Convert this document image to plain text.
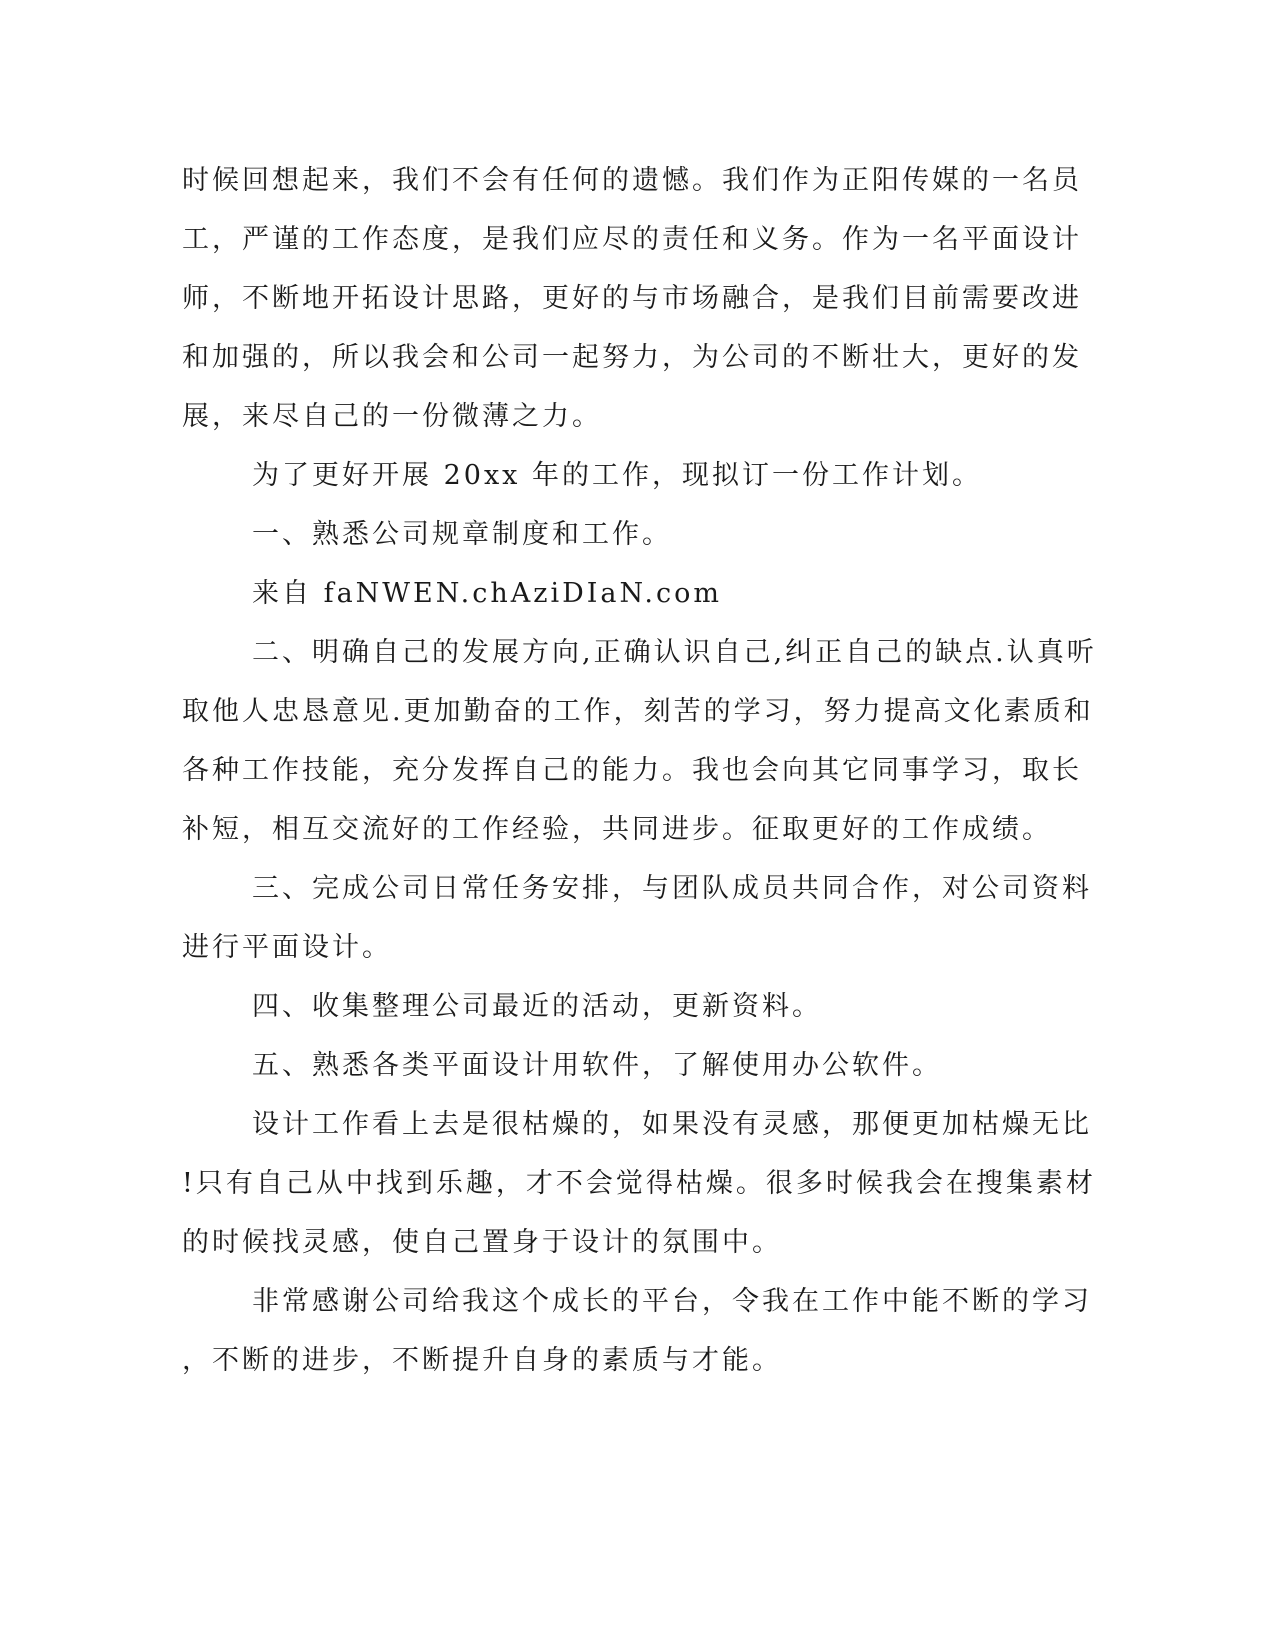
时候回想起来，我们不会有任何的遗憾。我们作为正阳传媒的一名员
工，严谨的工作态度，是我们应尽的责任和义务。作为一名平面设计
师，不断地开拓设计思路，更好的与市场融合，是我们目前需要改进
和加强的，所以我会和公司一起努力，为公司的不断壮大，更好的发
展，来尽自己的一份微薄之力。
为了更好开展 20xx 年的工作，现拟订一份工作计划。
一、熟悉公司规章制度和工作。
来自 faNWEN.chAziDIaN.com
二、明确自己的发展方向,正确认识自己,纠正自己的缺点.认真听
取他人忠恳意见.更加勤奋的工作，刻苦的学习，努力提高文化素质和
各种工作技能，充分发挥自己的能力。我也会向其它同事学习，取长
补短，相互交流好的工作经验，共同进步。征取更好的工作成绩。
三、完成公司日常任务安排，与团队成员共同合作，对公司资料
进行平面设计。
四、收集整理公司最近的活动，更新资料。
五、熟悉各类平面设计用软件，了解使用办公软件。
设计工作看上去是很枯燥的，如果没有灵感，那便更加枯燥无比
!只有自己从中找到乐趣，才不会觉得枯燥。很多时候我会在搜集素材
的时候找灵感，使自己置身于设计的氛围中。
非常感谢公司给我这个成长的平台，令我在工作中能不断的学习
，不断的进步，不断提升自身的素质与才能。
